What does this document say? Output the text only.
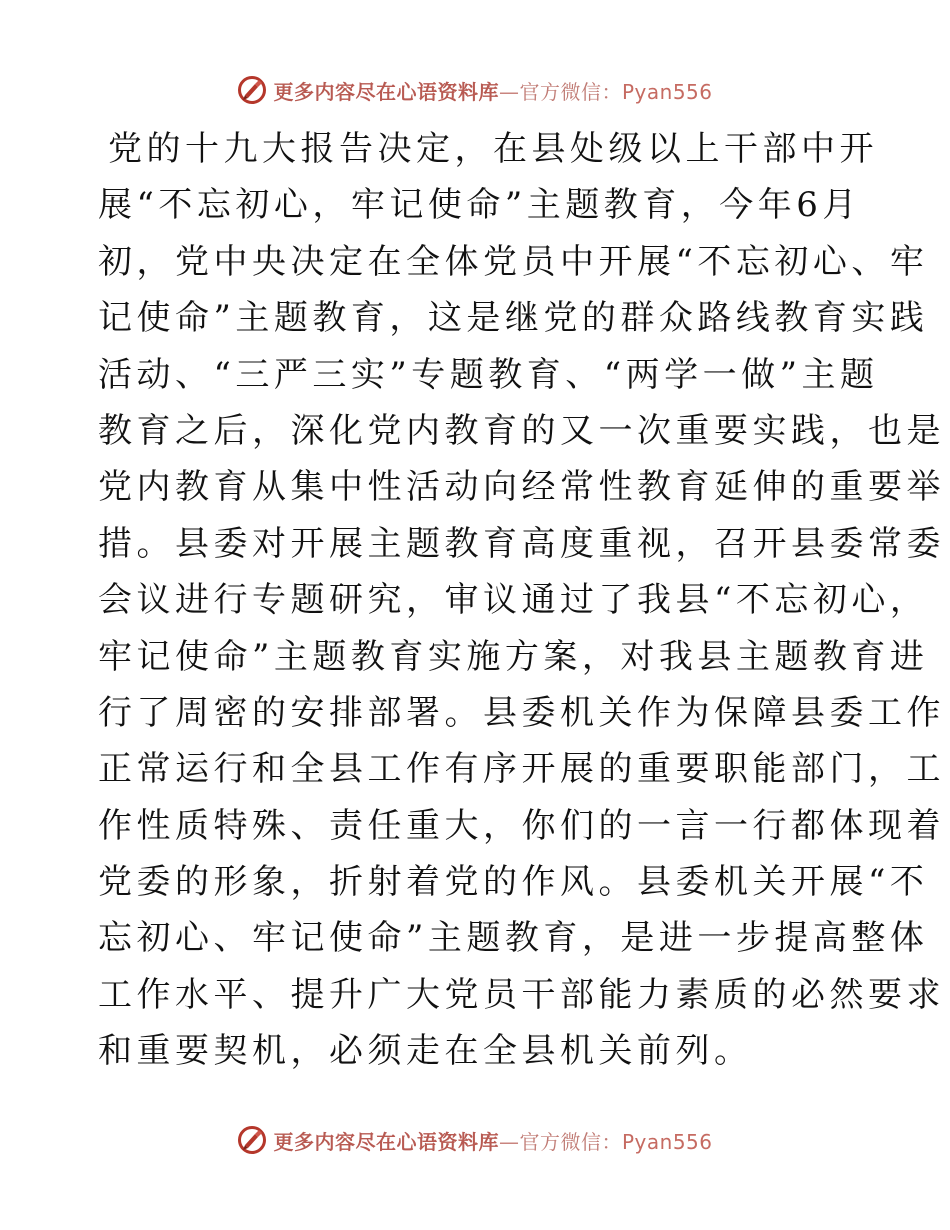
更多内容尽在心语资料库—官方微信：Pyan556
党的十九大报告决定，在县处级以上干部中开
展“不忘初心，牢记使命”主题教育，今年6月
初，党中央决定在全体党员中开展“不忘初心、牢
记使命”主题教育，这是继党的群众路线教育实践
活动、“三严三实”专题教育、“两学一做”主题
教育之后，深化党内教育的又一次重要实践，也是
党内教育从集中性活动向经常性教育延伸的重要举
措。县委对开展主题教育高度重视，召开县委常委
会议进行专题研究，审议通过了我县“不忘初心，
牢记使命”主题教育实施方案，对我县主题教育进
行了周密的安排部署。县委机关作为保障县委工作
正常运行和全县工作有序开展的重要职能部门，工
作性质特殊、责任重大，你们的一言一行都体现着
党委的形象，折射着党的作风。县委机关开展“不
忘初心、牢记使命”主题教育，是进一步提高整体
工作水平、提升广大党员干部能力素质的必然要求
和重要契机，必须走在全县机关前列。
更多内容尽在心语资料库—官方微信：Pyan556
